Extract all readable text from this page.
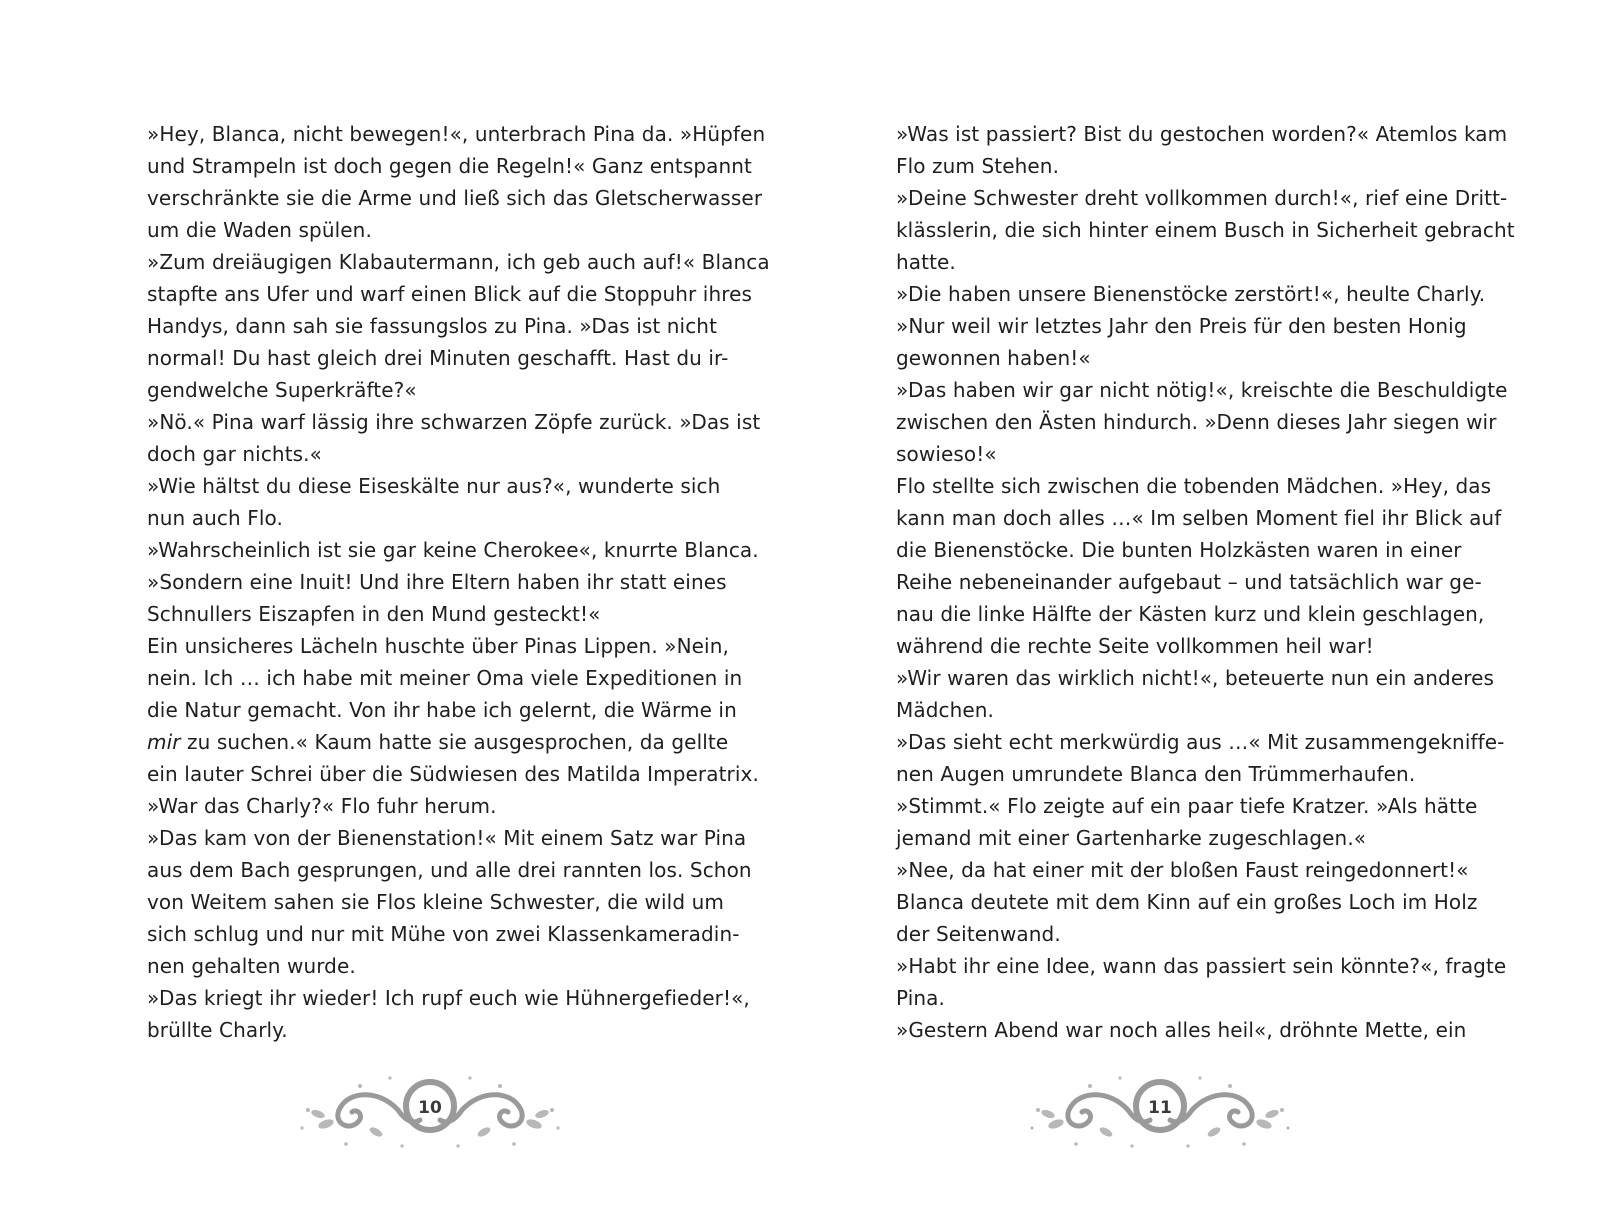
»Hey, Blanca, nicht bewegen!«, unterbrach Pina da. »Hüpfen
und Strampeln ist doch gegen die Regeln!« Ganz entspannt
verschränkte sie die Arme und ließ sich das Gletscherwasser
um die Waden spülen.
»Zum dreiäugigen Klabautermann, ich geb auch auf!« Blanca
stapfte ans Ufer und warf einen Blick auf die Stoppuhr ihres
Handys, dann sah sie fassungslos zu Pina. »Das ist nicht
normal! Du hast gleich drei Minuten geschafft. Hast du ir-
gendwelche Superkräfte?«
»Nö.« Pina warf lässig ihre schwarzen Zöpfe zurück. »Das ist
doch gar nichts.«
»Wie hältst du diese Eiseskälte nur aus?«, wunderte sich
nun auch Flo.
»Wahrscheinlich ist sie gar keine Cherokee«, knurrte Blanca.
»Sondern eine Inuit! Und ihre Eltern haben ihr statt eines
Schnullers Eiszapfen in den Mund gesteckt!«
Ein unsicheres Lächeln huschte über Pinas Lippen. »Nein,
nein. Ich … ich habe mit meiner Oma viele Expeditionen in
die Natur gemacht. Von ihr habe ich gelernt, die Wärme in
mir zu suchen.« Kaum hatte sie ausgesprochen, da gellte
ein lauter Schrei über die Südwiesen des Matilda Imperatrix.
»War das Charly?« Flo fuhr herum.
»Das kam von der Bienenstation!« Mit einem Satz war Pina
aus dem Bach gesprungen, und alle drei rannten los. Schon
von Weitem sahen sie Flos kleine Schwester, die wild um
sich schlug und nur mit Mühe von zwei Klassenkameradin-
nen gehalten wurde.
»Das kriegt ihr wieder! Ich rupf euch wie Hühnergefieder!«,
brüllte Charly.
10
»Was ist passiert? Bist du gestochen worden?« Atemlos kam
Flo zum Stehen.
»Deine Schwester dreht vollkommen durch!«, rief eine Dritt-
klässlerin, die sich hinter einem Busch in Sicherheit gebracht
hatte.
»Die haben unsere Bienenstöcke zerstört!«, heulte Charly.
»Nur weil wir letztes Jahr den Preis für den besten Honig
gewonnen haben!«
»Das haben wir gar nicht nötig!«, kreischte die Beschuldigte
zwischen den Ästen hindurch. »Denn dieses Jahr siegen wir
sowieso!«
Flo stellte sich zwischen die tobenden Mädchen. »Hey, das
kann man doch alles …« Im selben Moment fiel ihr Blick auf
die Bienenstöcke. Die bunten Holzkästen waren in einer
Reihe nebeneinander aufgebaut – und tatsächlich war ge-
nau die linke Hälfte der Kästen kurz und klein geschlagen,
während die rechte Seite vollkommen heil war!
»Wir waren das wirklich nicht!«, beteuerte nun ein anderes
Mädchen.
»Das sieht echt merkwürdig aus …« Mit zusammengekniffe-
nen Augen umrundete Blanca den Trümmerhaufen.
»Stimmt.« Flo zeigte auf ein paar tiefe Kratzer. »Als hätte
jemand mit einer Gartenharke zugeschlagen.«
»Nee, da hat einer mit der bloßen Faust reingedonnert!«
Blanca deutete mit dem Kinn auf ein großes Loch im Holz
der Seitenwand.
»Habt ihr eine Idee, wann das passiert sein könnte?«, fragte
Pina.
»Gestern Abend war noch alles heil«, dröhnte Mette, ein
11
